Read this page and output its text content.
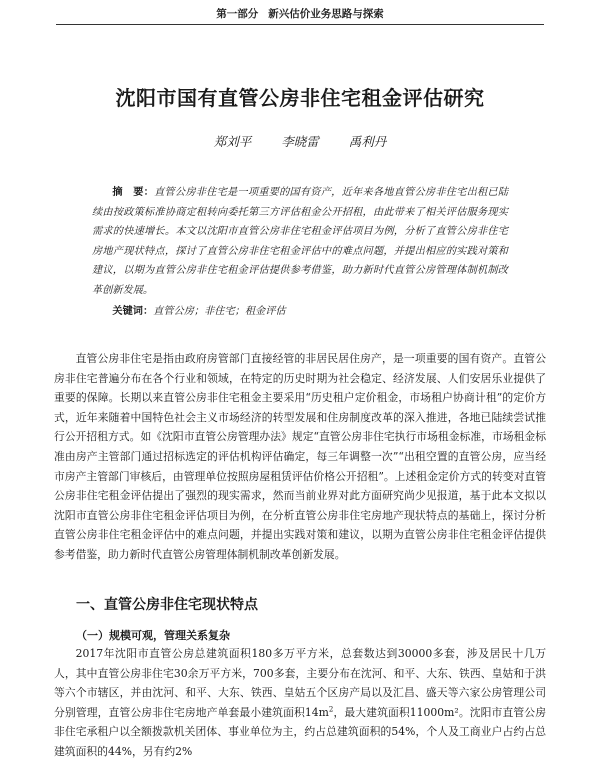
第一部分 新兴估价业务思路与探索
沈阳市国有直管公房非住宅租金评估研究
郑刘平 李晓雷 禹利丹
摘　要：直管公房非住宅是一项重要的国有资产，近年来各地直管公房非住宅出租已陆续由按政策标准协商定租转向委托第三方评估租金公开招租，由此带来了相关评估服务现实需求的快速增长。本文以沈阳市直管公房非住宅租金评估项目为例，分析了直管公房非住宅房地产现状特点，探讨了直管公房非住宅租金评估中的难点问题，并提出相应的实践对策和建议，以期为直管公房非住宅租金评估提供参考借鉴，助力新时代直管公房管理体制机制改革创新发展。
关键词：直管公房；非住宅；租金评估
直管公房非住宅是指由政府房管部门直接经管的非居民居住房产，是一项重要的国有资产。直管公房非住宅普遍分布在各个行业和领域，在特定的历史时期为社会稳定、经济发展、人们安居乐业提供了重要的保障。长期以来直管公房非住宅租金主要采用“历史租户定价租金，市场租户协商计租”的定价方式，近年来随着中国特色社会主义市场经济的转型发展和住房制度改革的深入推进，各地已陆续尝试推行公开招租方式。如《沈阳市直管公房管理办法》规定“直管公房非住宅执行市场租金标准，市场租金标准由房产主管部门通过招标选定的评估机构评估确定，每三年调整一次”“出租空置的直管公房，应当经市房产主管部门审核后，由管理单位按照房屋租赁评估价格公开招租”。上述租金定价方式的转变对直管公房非住宅租金评估提出了强烈的现实需求，然而当前业界对此方面研究尚少见报道，基于此本文拟以沈阳市直管公房非住宅租金评估项目为例，在分析直管公房非住宅房地产现状特点的基础上，探讨分析直管公房非住宅租金评估中的难点问题，并提出实践对策和建议，以期为直管公房非住宅租金评估提供参考借鉴，助力新时代直管公房管理体制机制改革创新发展。
一、直管公房非住宅现状特点
（一）规模可观，管理关系复杂
2017年沈阳市直管公房总建筑面积180多万平方米，总套数达到30000多套，涉及居民十几万人，其中直管公房非住宅30余万平方米，700多套，主要分布在沈河、和平、大东、铁西、皇姑和于洪等六个市辖区，并由沈河、和平、大东、铁西、皇姑五个区房产局以及汇昌、盛天等六家公房管理公司分别管理，直管公房非住宅房地产单套最小建筑面积$14m^2$，最大建筑面积11000m²。沈阳市直管公房非住宅承租户以全额拨款机关团体、事业单位为主，约占总建筑面积的54%，个人及工商业户占约占总建筑面积的44%，另有约2%
